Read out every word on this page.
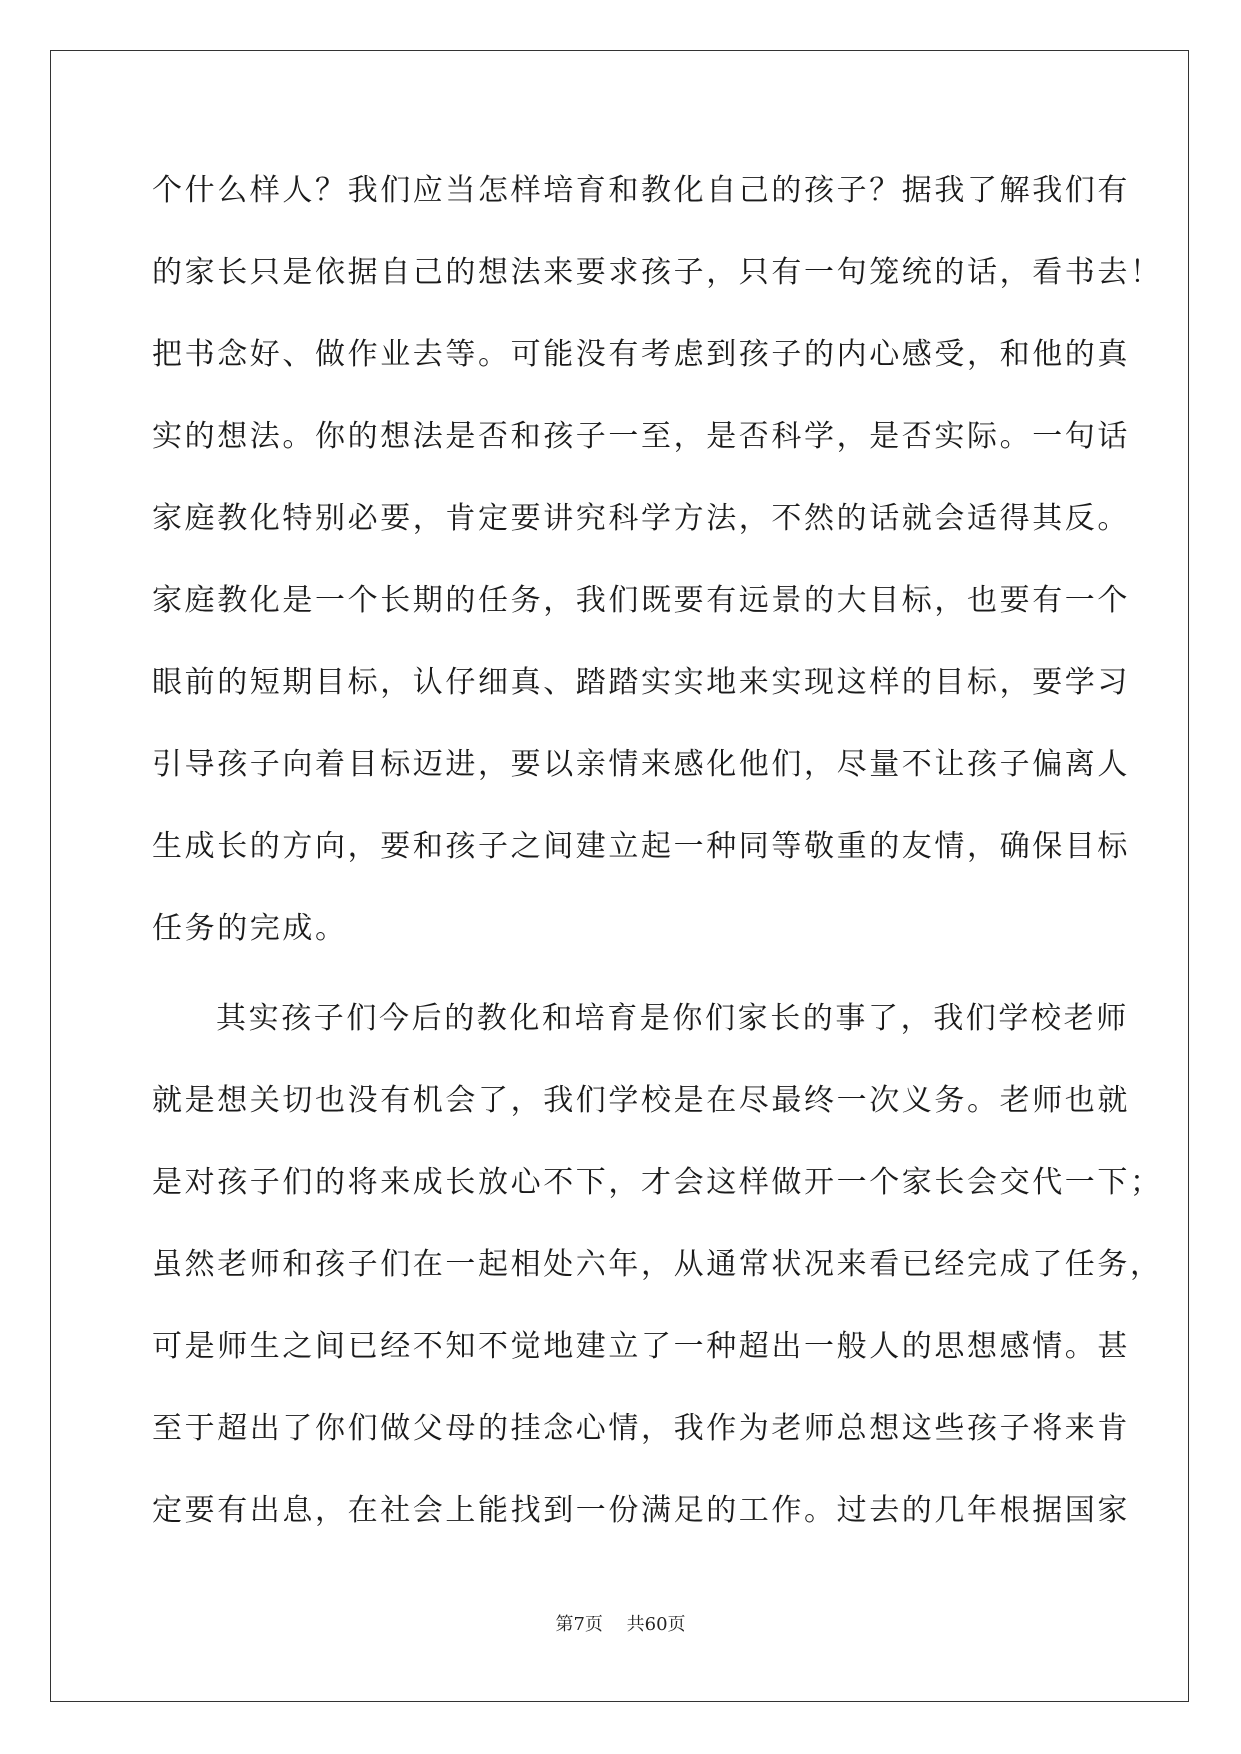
个什么样人？我们应当怎样培育和教化自己的孩子？据我了解我们有
的家长只是依据自己的想法来要求孩子，只有一句笼统的话，看书去！
把书念好、做作业去等。可能没有考虑到孩子的内心感受，和他的真
实的想法。你的想法是否和孩子一至，是否科学，是否实际。一句话
家庭教化特别必要，肯定要讲究科学方法，不然的话就会适得其反。
家庭教化是一个长期的任务，我们既要有远景的大目标，也要有一个
眼前的短期目标，认仔细真、踏踏实实地来实现这样的目标，要学习
引导孩子向着目标迈进，要以亲情来感化他们，尽量不让孩子偏离人
生成长的方向，要和孩子之间建立起一种同等敬重的友情，确保目标
任务的完成。
其实孩子们今后的教化和培育是你们家长的事了，我们学校老师
就是想关切也没有机会了，我们学校是在尽最终一次义务。老师也就
是对孩子们的将来成长放心不下，才会这样做开一个家长会交代一下；
虽然老师和孩子们在一起相处六年，从通常状况来看已经完成了任务，
可是师生之间已经不知不觉地建立了一种超出一般人的思想感情。甚
至于超出了你们做父母的挂念心情，我作为老师总想这些孩子将来肯
定要有出息，在社会上能找到一份满足的工作。过去的几年根据国家
第7页　 共60页
